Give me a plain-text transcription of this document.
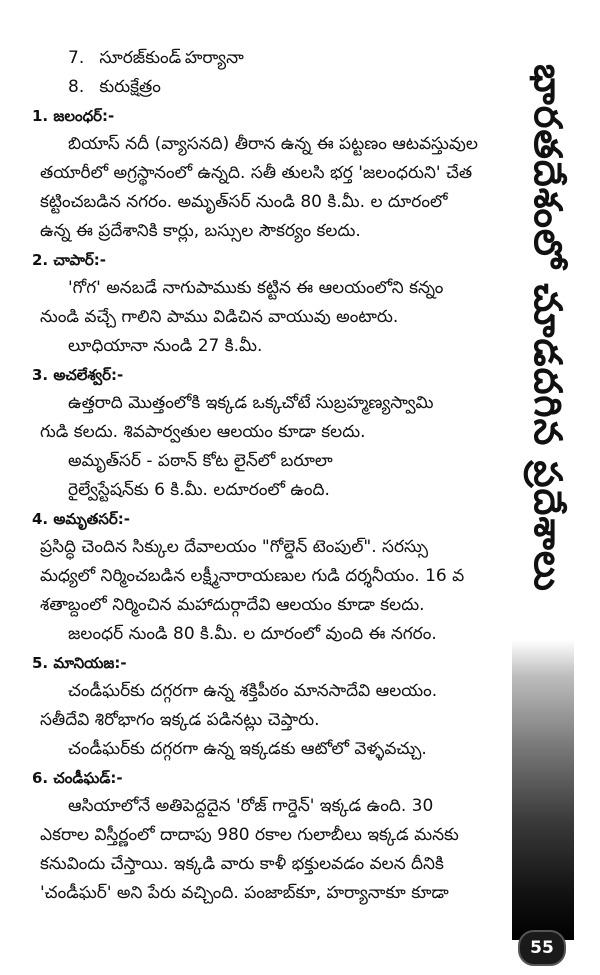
7. సూరజ్‌కుండ్ హర్యానా
8. కురుక్షేత్రం
1. జలంధర్:-
బియాస్ నదీ (వ్యాసనది) తీరాన ఉన్న ఈ పట్టణం ఆటవస్తువుల
తయారీలో అగ్రస్థానంలో ఉన్నది. సతీ తులసి భర్త 'జలంధరుని' చేత
కట్టించబడిన నగరం. అమృత్‌సర్ నుండి 80 కి.మీ. ల దూరంలో
ఉన్న ఈ ప్రదేశానికి కార్లు, బస్సుల సౌకర్యం కలదు.
2. చాపార్:-
'గోగ' అనబడే నాగుపాముకు కట్టిన ఈ ఆలయంలోని కన్నం
నుండి వచ్చే గాలిని పాము విడిచిన వాయువు అంటారు.
లూధియానా నుండి 27 కి.మీ.
3. అచలేశ్వర్:-
ఉత్తరాది మొత్తంలోకి ఇక్కడ ఒక్కచోటే సుబ్రహ్మణ్యస్వామి
గుడి కలదు. శివపార్వతుల ఆలయం కూడా కలదు.
అమృత్‌సర్ - పఠాన్ కోట లైన్‌లో బరూలా
రైల్వేస్టేషన్‌కు 6 కి.మీ. లదూరంలో ఉంది.
4. అమృతసర్:-
ప్రసిద్ధి చెందిన సిక్కుల దేవాలయం "గోల్డెన్ టెంపుల్". సరస్సు
మధ్యలో నిర్మించబడిన లక్ష్మీనారాయణుల గుడి దర్శనీయం. 16 వ
శతాబ్దంలో నిర్మించిన మహాదుర్గాదేవి ఆలయం కూడా కలదు.
జలంధర్ నుండి 80 కి.మీ. ల దూరంలో వుంది ఈ నగరం.
5. మానియజ:-
చండీఘర్‌కు దగ్గరగా ఉన్న శక్తిపీఠం మానసాదేవి ఆలయం.
సతీదేవి శిరోభాగం ఇక్కడ పడినట్లు చెప్తారు.
చండీఘర్‌కు దగ్గరగా ఉన్న ఇక్కడకు ఆటోలో వెళ్ళవచ్చు.
6. చండీఘడ్:-
ఆసియాలోనే అతిపెద్దదైన 'రోజ్ గార్డెన్' ఇక్కడ ఉంది. 30
ఎకరాల విస్తీర్ణంలో దాదాపు 980 రకాల గులాబీలు ఇక్కడ మనకు
కనువిందు చేస్తాయి. ఇక్కడి వారు కాళీ భక్తులవడం వలన దీనికి
'చండీఘర్' అని పేరు వచ్చింది. పంజాబ్‌కూ, హర్యానాకూ కూడా
భారతదేశంలో చూడదగిన ప్రదేశాలు
55
